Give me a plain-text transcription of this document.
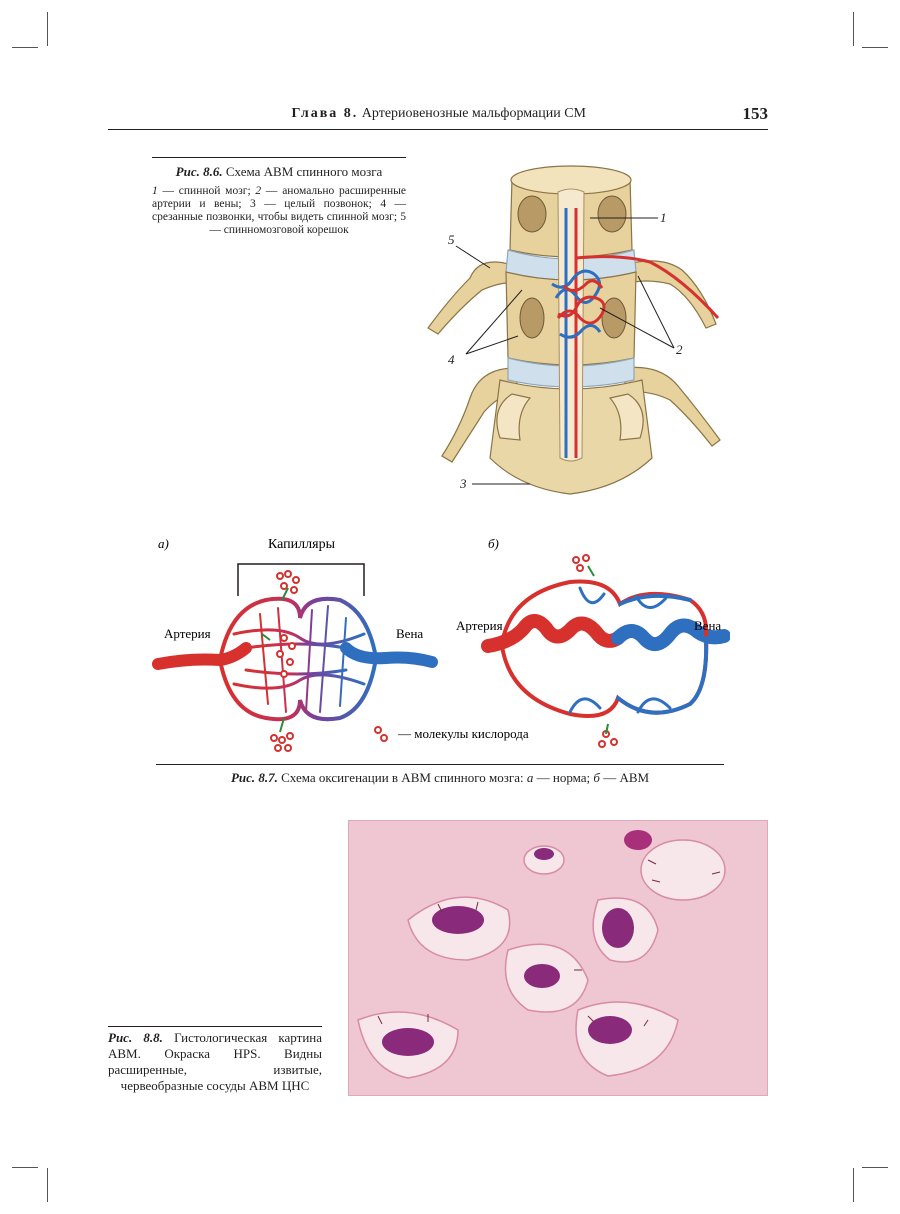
Глава 8. Артериовенозные мальформации СМ	153

Рис. 8.6. Схема АВМ спинного мозга

1 — спинной мозг; 2 — аномально расширенные артерии и вены; 3 — целый позвонок; 4 — срезанные позвонки, чтобы видеть спинной мозг; 5 — спинномозговой корешок

1
2
3
4
5
а)	б)
Капилляры
Артерия	Вена
Артерия	Вена
— молекулы кислорода
Рис. 8.7. Схема оксигенации в АВМ спинного мозга: а — норма; б — АВМ
Рис. 8.8. Гистологическая картина АВМ. Окраска HPS. Видны расширенные, извитые, червеобразные сосуды АВМ ЦНС
